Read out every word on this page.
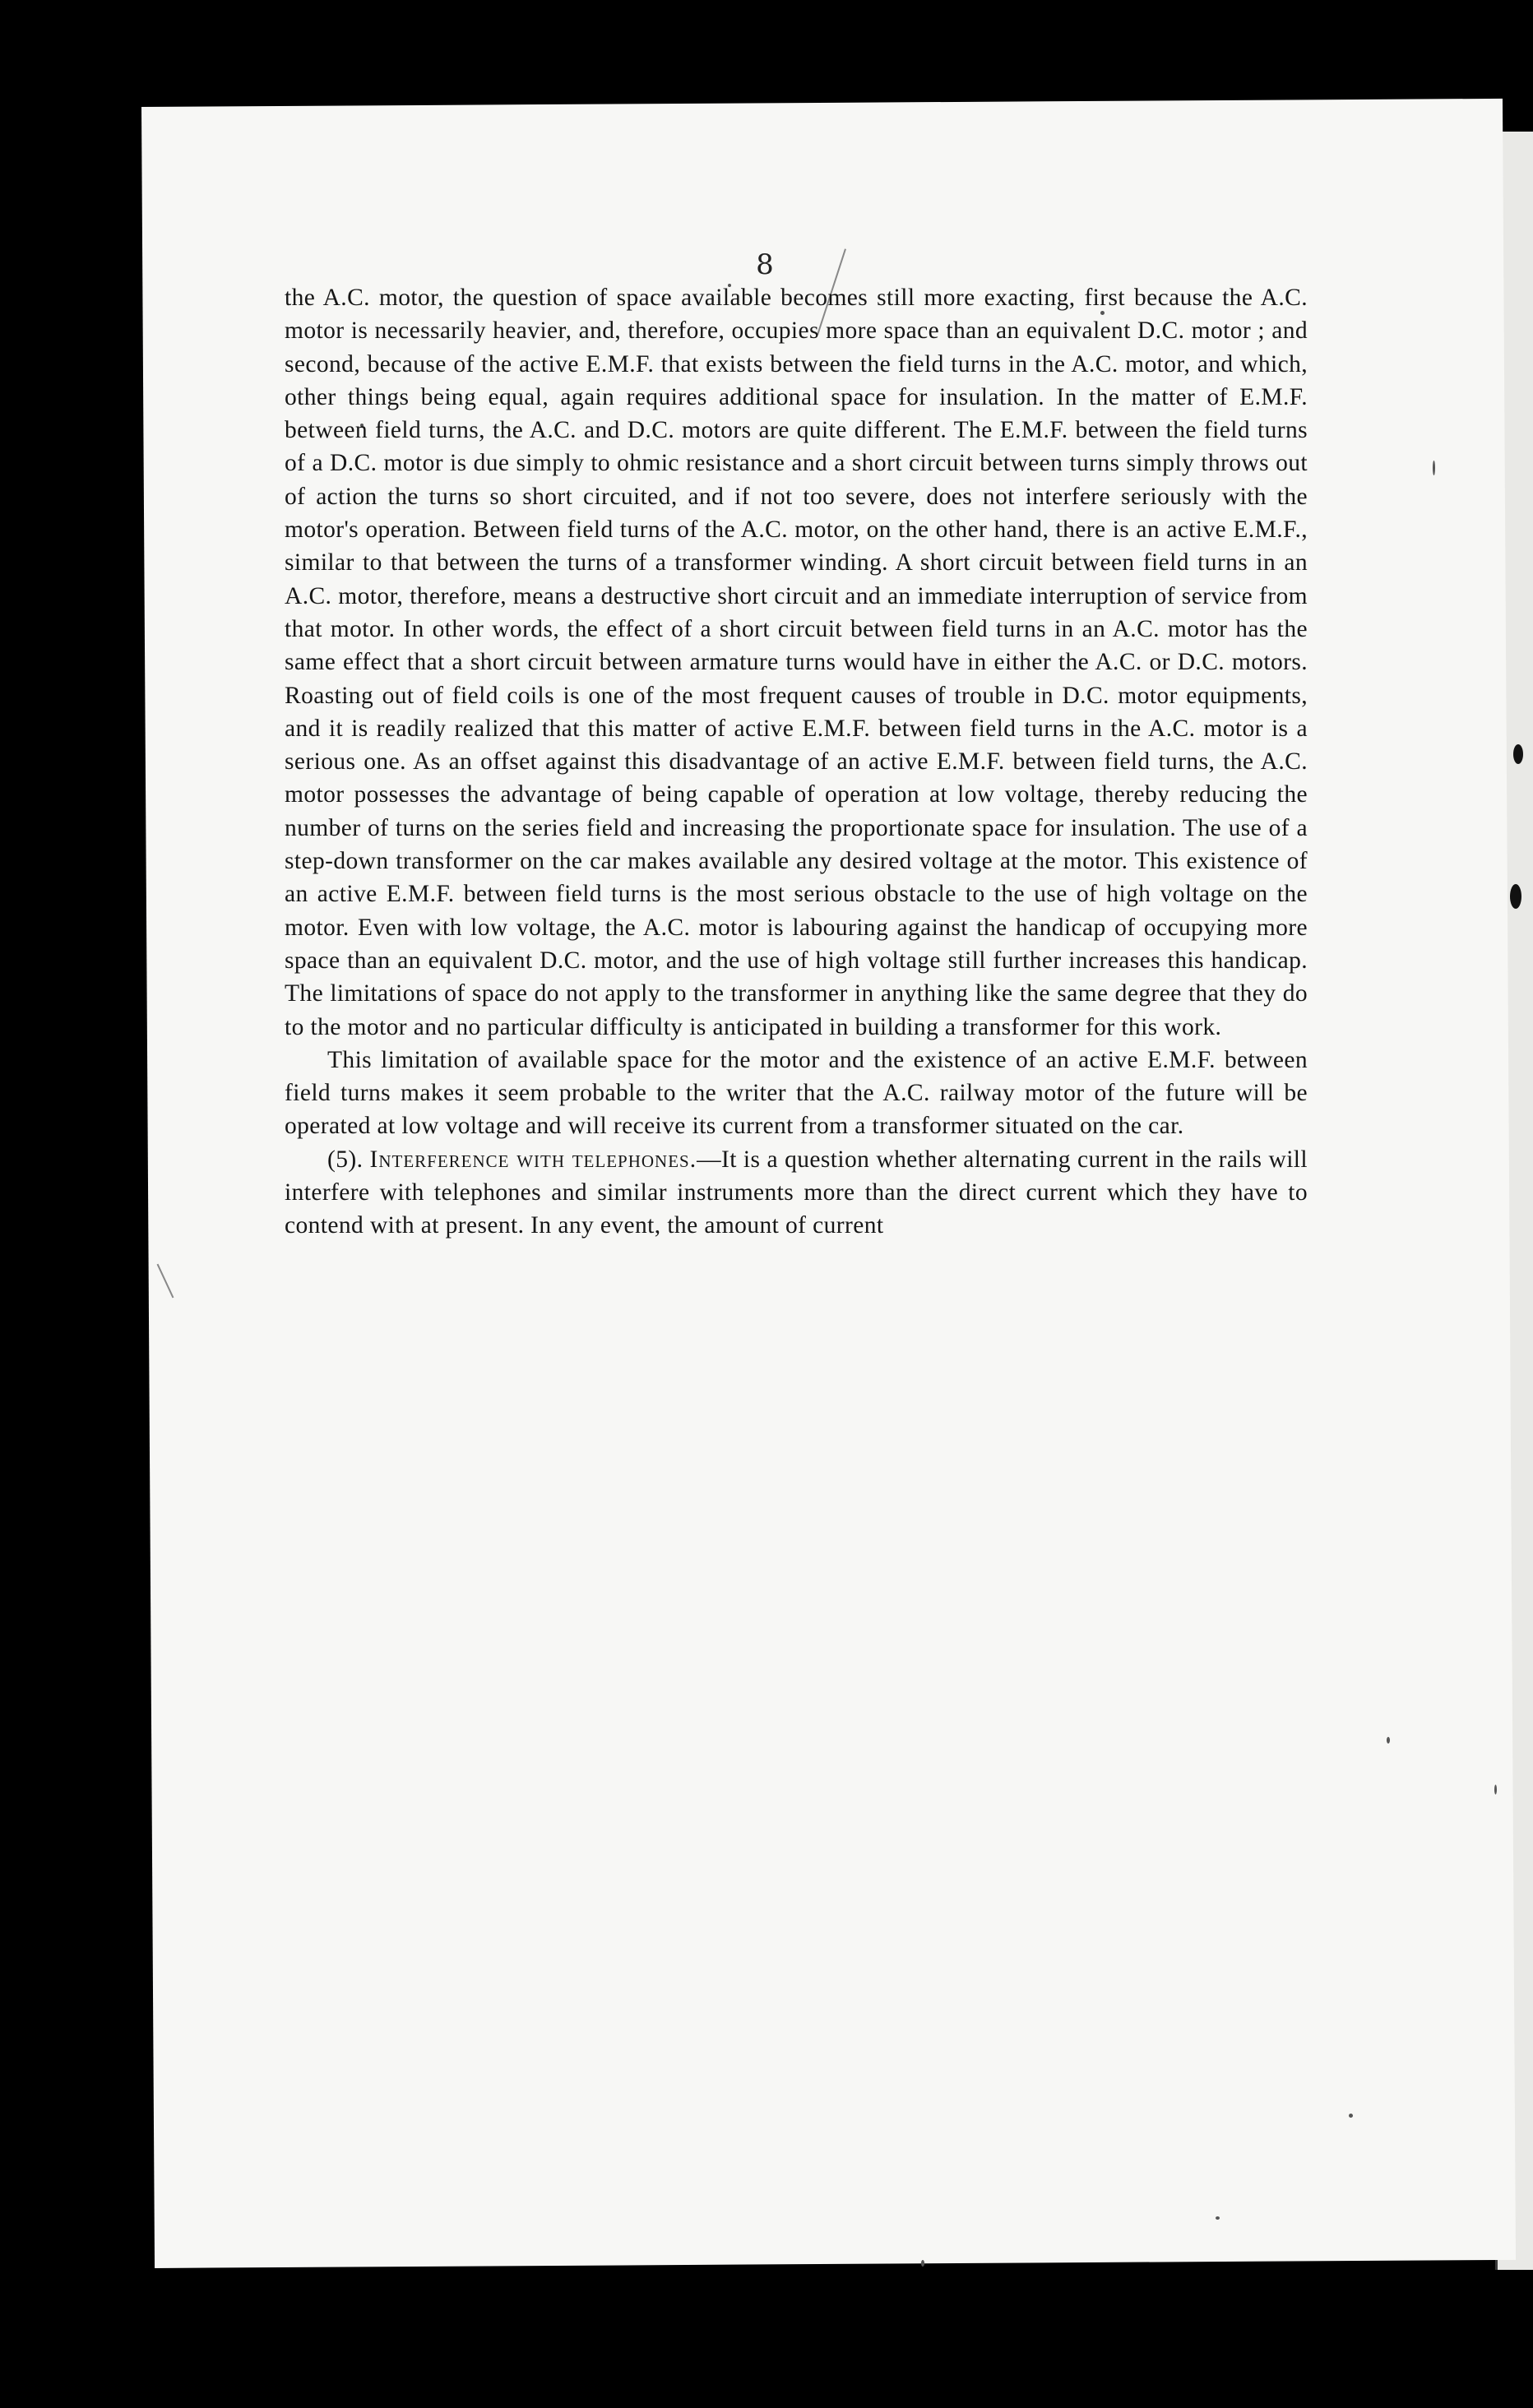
8

the A.C. motor, the question of space available becomes still more exacting, first because the A.C. motor is necessarily heavier, and, therefore, occupies more space than an equivalent D.C. motor ; and second, because of the active E.M.F. that exists between the field turns in the A.C. motor, and which, other things being equal, again requires additional space for insulation. In the matter of E.M.F. between field turns, the A.C. and D.C. motors are quite different. The E.M.F. between the field turns of a D.C. motor is due simply to ohmic resistance and a short circuit between turns simply throws out of action the turns so short circuited, and if not too severe, does not interfere seriously with the motor's operation. Between field turns of the A.C. motor, on the other hand, there is an active E.M.F., similar to that between the turns of a transformer winding. A short circuit between field turns in an A.C. motor, therefore, means a destructive short circuit and an immediate interruption of service from that motor. In other words, the effect of a short circuit between field turns in an A.C. motor has the same effect that a short circuit between armature turns would have in either the A.C. or D.C. motors. Roasting out of field coils is one of the most frequent causes of trouble in D.C. motor equipments, and it is readily realized that this matter of active E.M.F. between field turns in the A.C. motor is a serious one. As an offset against this disadvantage of an active E.M.F. between field turns, the A.C. motor possesses the advantage of being capable of operation at low voltage, thereby reducing the number of turns on the series field and increasing the proportionate space for insulation. The use of a step-down transformer on the car makes available any desired voltage at the motor. This existence of an active E.M.F. between field turns is the most serious obstacle to the use of high voltage on the motor. Even with low voltage, the A.C. motor is labouring against the handicap of occupying more space than an equivalent D.C. motor, and the use of high voltage still further increases this handicap. The limitations of space do not apply to the transformer in anything like the same degree that they do to the motor and no particular difficulty is anticipated in building a transformer for this work.

This limitation of available space for the motor and the existence of an active E.M.F. between field turns makes it seem probable to the writer that the A.C. railway motor of the future will be operated at low voltage and will receive its current from a transformer situated on the car.

(5). Interference with telephones.—It is a question whether alternating current in the rails will interfere with telephones and similar instruments more than the direct current which they have to contend with at present. In any event, the amount of current
